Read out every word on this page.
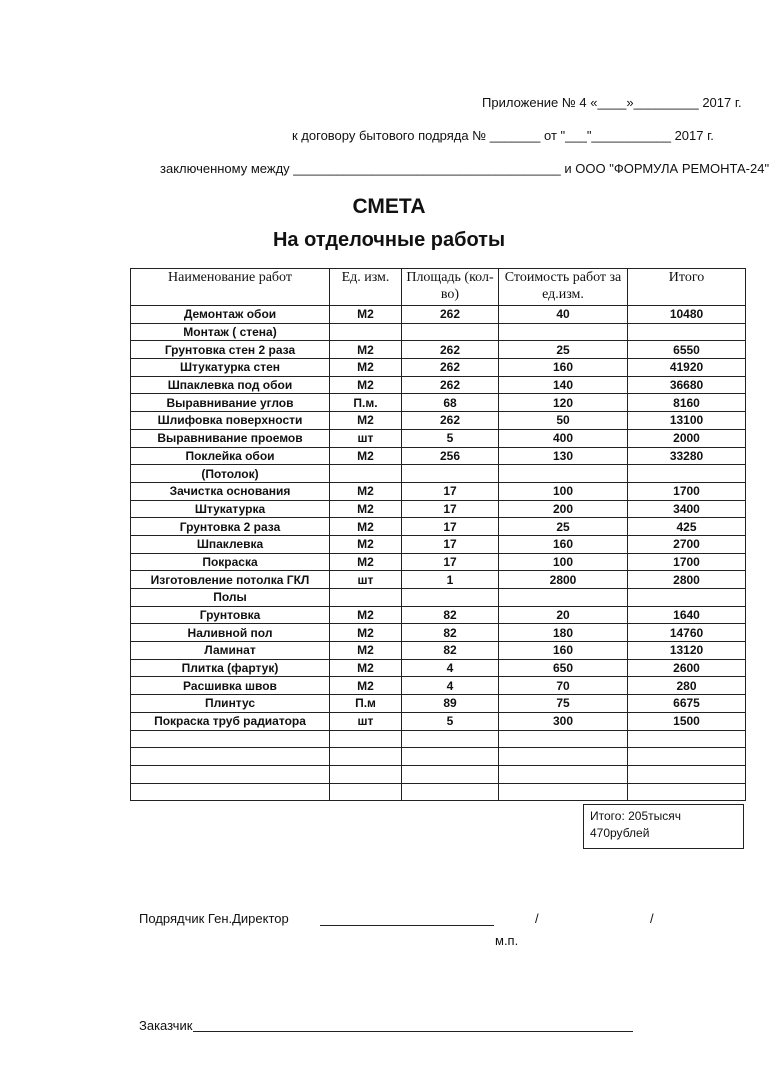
Приложение № 4 «____»_________ 2017 г.
к договору бытового подряда № _______ от "___"___________ 2017 г.
заключенному между _____________________________________ и ООО "ФОРМУЛА РЕМОНТА-24"
СМЕТА
На отделочные работы
Наименование работ	Ед. изм.	Площадь (кол-во)	Стоимость работ за ед.изм.	Итого
Демонтаж обои	М2	262	40	10480
Монтаж ( стена)				
Грунтовка стен 2 раза	М2	262	25	6550
Штукатурка стен	М2	262	160	41920
Шпаклевка под обои	М2	262	140	36680
Выравнивание углов	П.м.	68	120	8160
Шлифовка поверхности	М2	262	50	13100
Выравнивание проемов	шт	5	400	2000
Поклейка обои	М2	256	130	33280
(Потолок)				
Зачистка основания	М2	17	100	1700
Штукатурка	М2	17	200	3400
Грунтовка 2 раза	М2	17	25	425
Шпаклевка	М2	17	160	2700
Покраска	М2	17	100	1700
Изготовление потолка ГКЛ	шт	1	2800	2800
Полы				
Грунтовка	М2	82	20	1640
Наливной пол	М2	82	180	14760
Ламинат	М2	82	160	13120
Плитка (фартук)	М2	4	650	2600
Расшивка швов	М2	4	70	280
Плинтус	П.м	89	75	6675
Покраска труб радиатора	шт	5	300	1500

Итого: 205тысяч
470рублей
Подрядчик Ген.Директор	/	/
м.п.
Заказчик
